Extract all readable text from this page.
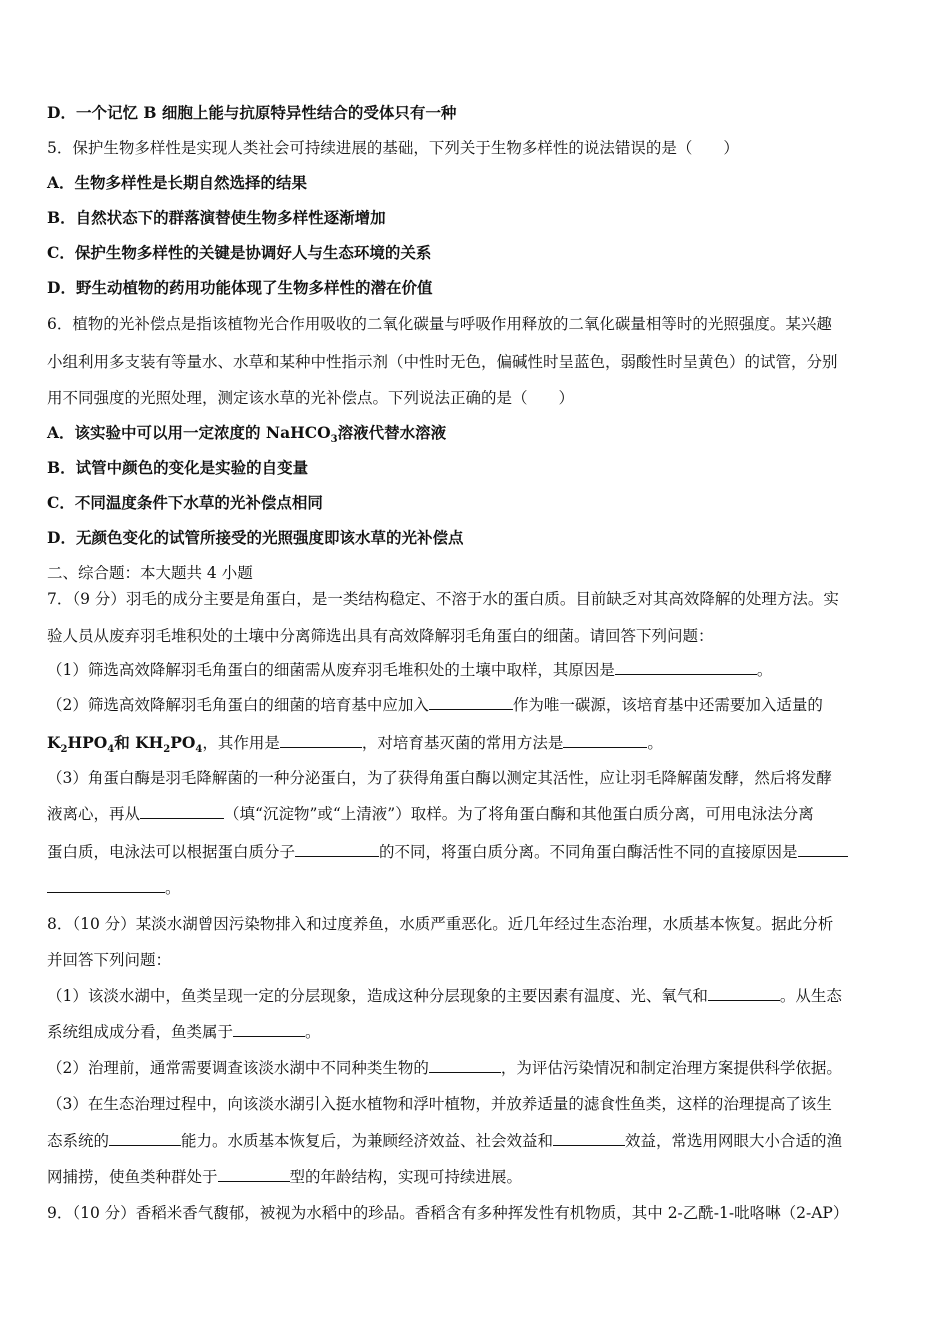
D．一个记忆 B 细胞上能与抗原特异性结合的受体只有一种
5．保护生物多样性是实现人类社会可持续进展的基础，下列关于生物多样性的说法错误的是（　　）
A．生物多样性是长期自然选择的结果
B．自然状态下的群落演替使生物多样性逐渐增加
C．保护生物多样性的关键是协调好人与生态环境的关系
D．野生动植物的药用功能体现了生物多样性的潜在价值
6．植物的光补偿点是指该植物光合作用吸收的二氧化碳量与呼吸作用释放的二氧化碳量相等时的光照强度。某兴趣
小组利用多支装有等量水、水草和某种中性指示剂（中性时无色，偏碱性时呈蓝色，弱酸性时呈黄色）的试管，分别
用不同强度的光照处理，测定该水草的光补偿点。下列说法正确的是（　　）
A．该实验中可以用一定浓度的 NaHCO$_3$溶液代替水溶液
B．试管中颜色的变化是实验的自变量
C．不同温度条件下水草的光补偿点相同
D．无颜色变化的试管所接受的光照强度即该水草的光补偿点
二、综合题：本大题共 4 小题
7．（9 分）羽毛的成分主要是角蛋白，是一类结构稳定、不溶于水的蛋白质。目前缺乏对其高效降解的处理方法。实
验人员从废弃羽毛堆积处的土壤中分离筛选出具有高效降解羽毛角蛋白的细菌。请回答下列问题：
（1）筛选高效降解羽毛角蛋白的细菌需从废弃羽毛堆积处的土壤中取样，其原因是	。
（2）筛选高效降解羽毛角蛋白的细菌的培育基中应加入	作为唯一碳源，该培育基中还需要加入适量的
$K_2HPO_4$和 $KH_2PO_4$，其作用是	，对培育基灭菌的常用方法是	。
（3）角蛋白酶是羽毛降解菌的一种分泌蛋白，为了获得角蛋白酶以测定其活性，应让羽毛降解菌发酵，然后将发酵
液离心，再从	（填“沉淀物”或“上清液”）取样。为了将角蛋白酶和其他蛋白质分离，可用电泳法分离
蛋白质，电泳法可以根据蛋白质分子	的不同，将蛋白质分离。不同角蛋白酶活性不同的直接原因是
。
8．（10 分）某淡水湖曾因污染物排入和过度养鱼，水质严重恶化。近几年经过生态治理，水质基本恢复。据此分析
并回答下列问题：
（1）该淡水湖中，鱼类呈现一定的分层现象，造成这种分层现象的主要因素有温度、光、氧气和	。从生态
系统组成成分看，鱼类属于	。
（2）治理前，通常需要调查该淡水湖中不同种类生物的	，为评估污染情况和制定治理方案提供科学依据。
（3）在生态治理过程中，向该淡水湖引入挺水植物和浮叶植物，并放养适量的滤食性鱼类，这样的治理提高了该生
态系统的	能力。水质基本恢复后，为兼顾经济效益、社会效益和	效益，常选用网眼大小合适的渔
网捕捞，使鱼类种群处于	型的年龄结构，实现可持续进展。
9．（10 分）香稻米香气馥郁，被视为水稻中的珍品。香稻含有多种挥发性有机物质，其中 2-乙酰-1-吡咯啉（2-AP）
